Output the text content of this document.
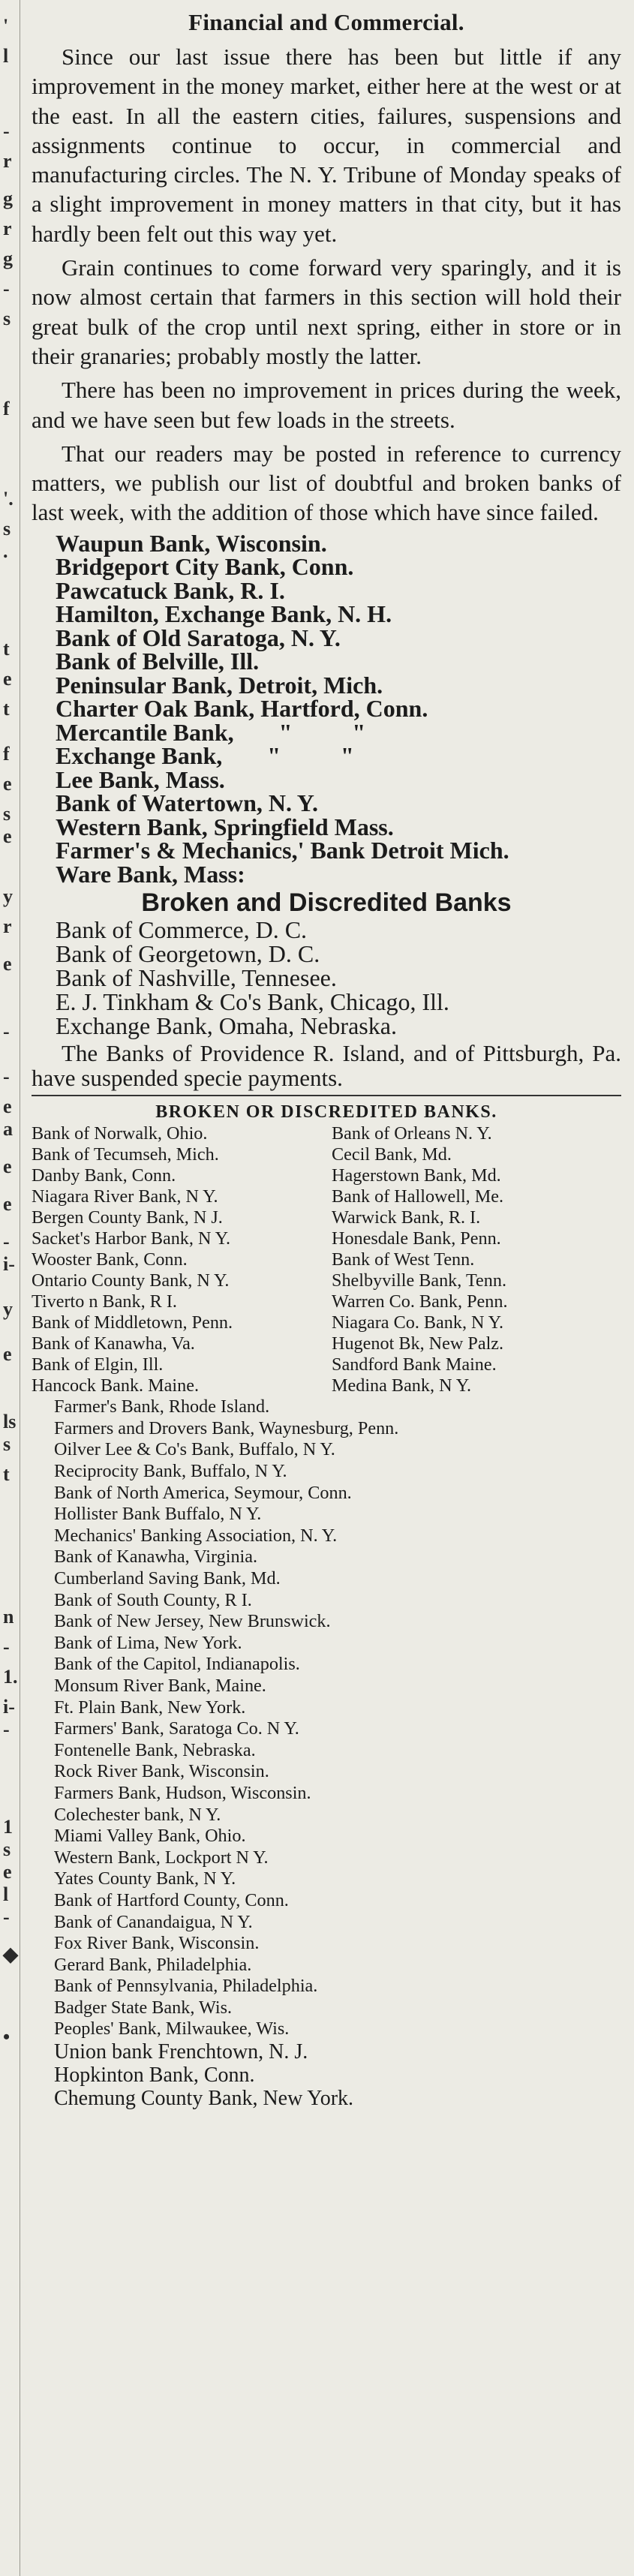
'
l
-
r
g
r
g
-
s
f
'.
s
.
t
e
t
f
e
s
e
y
r
e
-
-
e
a
e
e
-
i-
y
e
ls
s
t
n
-
1.
i-
-
1
s
e
l
-
◆
•
Financial and Commercial.

Since our last issue there has been but little if any improvement in the money market, either here at the west or at the east. In all the eastern cities, failures, suspensions and assignments continue to occur, in commercial and manufacturing circles. The N. Y. Tribune of Monday speaks of a slight improvement in money matters in that city, but it has hardly been felt out this way yet.

Grain continues to come forward very sparingly, and it is now almost certain that farmers in this section will hold their great bulk of the crop until next spring, either in store or in their granaries; probably mostly the latter.

There has been no improvement in prices during the week, and we have seen but few loads in the streets.

That our readers may be posted in reference to currency matters, we publish our list of doubtful and broken banks of last week, with the addition of those which have since failed.

Waupun Bank, Wisconsin.
Bridgeport City Bank, Conn.
Pawcatuck Bank, R. I.
Hamilton, Exchange Bank, N. H.
Bank of Old Saratoga, N. Y.
Bank of Belville, Ill.
Peninsular Bank, Detroit, Mich.
Charter Oak Bank, Hartford, Conn.
Mercantile Bank, "          "
Exchange Bank, "          "
Lee Bank, Mass.
Bank of Watertown, N. Y.
Western Bank, Springfield Mass.
Farmer's & Mechanics,' Bank Detroit Mich.
Ware Bank, Mass:
Broken and Discredited Banks
Bank of Commerce, D. C.
Bank of Georgetown, D. C.
Bank of Nashville, Tennesee.
E. J. Tinkham & Co's Bank, Chicago, Ill.
Exchange Bank, Omaha, Nebraska.

The Banks of Providence R. Island, and of Pittsburgh, Pa. have suspended specie payments.

BROKEN OR DISCREDITED BANKS.
Bank of Norwalk, Ohio.	Bank of Orleans N. Y.
Bank of Tecumseh, Mich.	Cecil Bank, Md.
Danby Bank, Conn.	Hagerstown Bank, Md.
Niagara River Bank, N Y.	Bank of Hallowell, Me.
Bergen County Bank, N J.	Warwick Bank, R. I.
Sacket's Harbor Bank, N Y.	Honesdale Bank, Penn.
Wooster Bank, Conn.	Bank of West Tenn.
Ontario County Bank, N Y.	Shelbyville Bank, Tenn.
Tiverto n Bank, R I.	Warren Co. Bank, Penn.
Bank of Middletown, Penn.	Niagara Co. Bank, N Y.
Bank of Kanawha, Va.	Hugenot Bk, New Palz.
Bank of Elgin, Ill.	Sandford Bank Maine.
Hancock Bank. Maine.	Medina Bank, N Y.
Farmer's Bank, Rhode Island.
Farmers and Drovers Bank, Waynesburg, Penn.
Oilver Lee & Co's Bank, Buffalo, N Y.
Reciprocity Bank, Buffalo, N Y.
Bank of North America, Seymour, Conn.
Hollister Bank Buffalo, N Y.
Mechanics' Banking Association, N. Y.
Bank of Kanawha, Virginia.
Cumberland Saving Bank, Md.
Bank of South County, R I.
Bank of New Jersey, New Brunswick.
Bank of Lima, New York.
Bank of the Capitol, Indianapolis.
Monsum River Bank, Maine.
Ft. Plain Bank, New York.
Farmers' Bank, Saratoga Co. N Y.
Fontenelle Bank, Nebraska.
Rock River Bank, Wisconsin.
Farmers Bank, Hudson, Wisconsin.
Colechester bank, N Y.
Miami Valley Bank, Ohio.
Western Bank, Lockport N Y.
Yates County Bank, N Y.
Bank of Hartford County, Conn.
Bank of Canandaigua, N Y.
Fox River Bank, Wisconsin.
Gerard Bank, Philadelphia.
Bank of Pennsylvania, Philadelphia.
Badger State Bank, Wis.
Peoples' Bank, Milwaukee, Wis.
Union bank Frenchtown, N. J.
Hopkinton Bank, Conn.
Chemung County Bank, New York.
